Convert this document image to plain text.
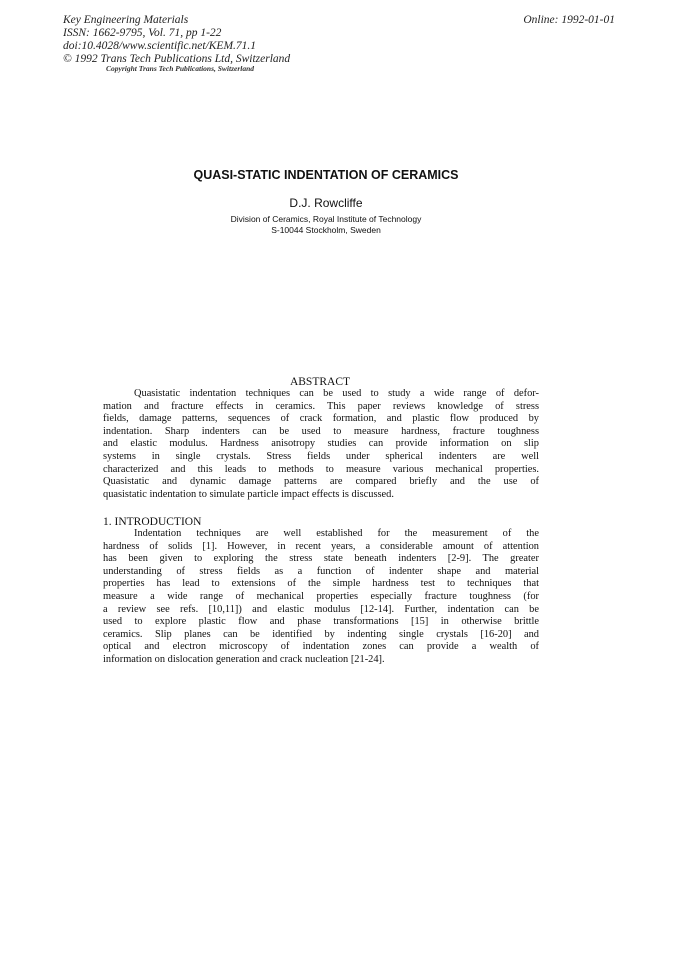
Key Engineering Materials
ISSN: 1662-9795, Vol. 71, pp 1-22
doi:10.4028/www.scientific.net/KEM.71.1
© 1992 Trans Tech Publications Ltd, Switzerland
Copyright Trans Tech Publications, Switzerland
Online: 1992-01-01
QUASI-STATIC INDENTATION OF CERAMICS
D.J. Rowcliffe
Division of Ceramics, Royal Institute of Technology
S-10044 Stockholm, Sweden
ABSTRACT
Quasistatic indentation techniques can be used to study a wide range of defor-
mation and fracture effects in ceramics. This paper reviews knowledge of stress
fields, damage patterns, sequences of crack formation, and plastic flow produced by
indentation. Sharp indenters can be used to measure hardness, fracture toughness
and elastic modulus. Hardness anisotropy studies can provide information on slip
systems in single crystals. Stress fields under spherical indenters are well
characterized and this leads to methods to measure various mechanical properties.
Quasistatic and dynamic damage patterns are compared briefly and the use of
quasistatic indentation to simulate particle impact effects is discussed.
1. INTRODUCTION
Indentation techniques are well established for the measurement of the
hardness of solids [1]. However, in recent years, a considerable amount of attention
has been given to exploring the stress state beneath indenters [2-9]. The greater
understanding of stress fields as a function of indenter shape and material
properties has lead to extensions of the simple hardness test to techniques that
measure a wide range of mechanical properties especially fracture toughness (for
a review see refs. [10,11]) and elastic modulus [12-14]. Further, indentation can be
used to explore plastic flow and phase transformations [15] in otherwise brittle
ceramics. Slip planes can be identified by indenting single crystals [16-20] and
optical and electron microscopy of indentation zones can provide a wealth of
information on dislocation generation and crack nucleation [21-24].
